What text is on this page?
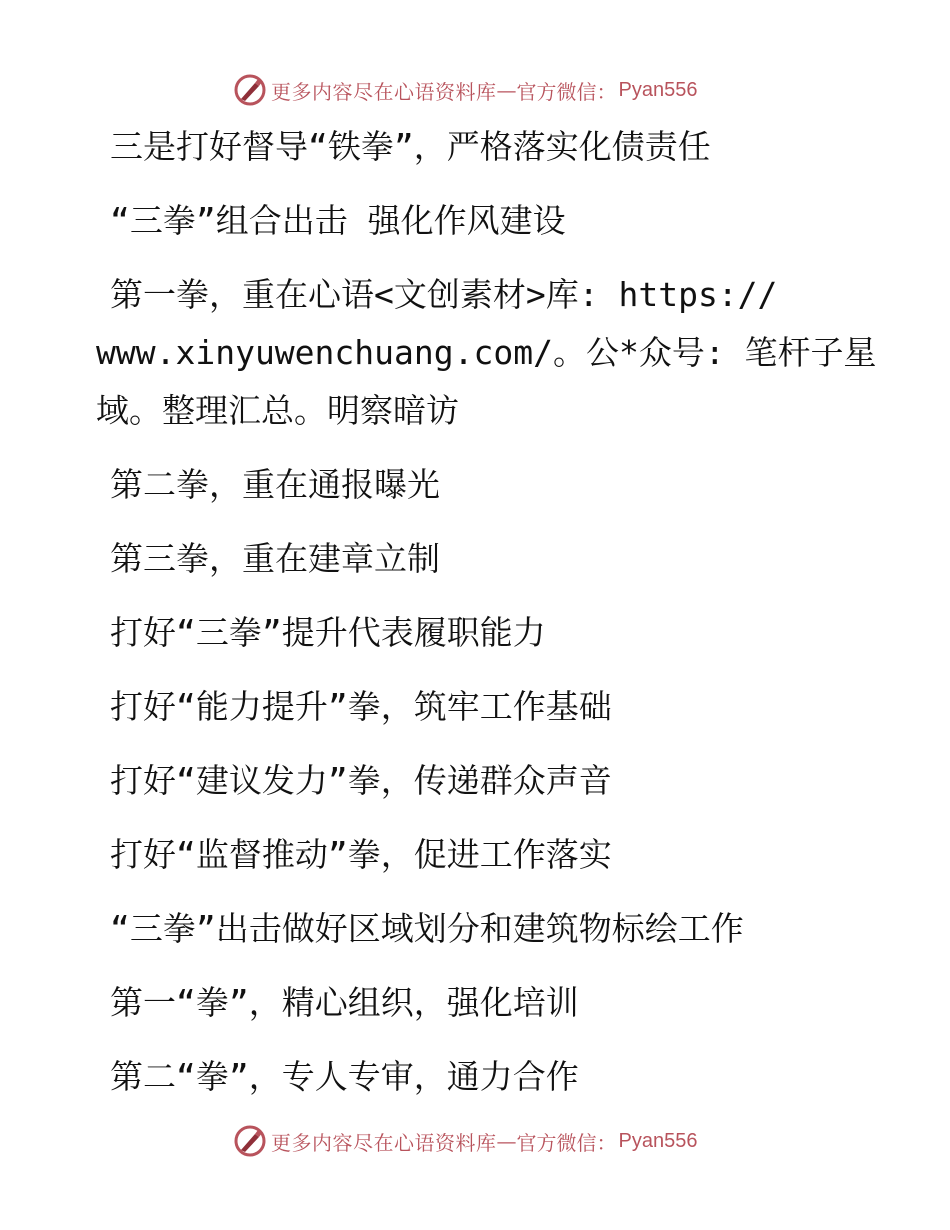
更多内容尽在心语资料库 — 官方微信： Pyan556
三是打好督导“铁拳”，严格落实化债责任
“三拳”组合出击 强化作风建设
第一拳，重在心语<文创素材>库: https://
www.xinyuwenchuang.com/。公*众号: 笔杆子星
域。整理汇总。明察暗访
第二拳，重在通报曝光
第三拳，重在建章立制
打好“三拳”提升代表履职能力
打好“能力提升”拳，筑牢工作基础
打好“建议发力”拳，传递群众声音
打好“监督推动”拳，促进工作落实
“三拳”出击做好区域划分和建筑物标绘工作
第一“拳”，精心组织，强化培训
第二“拳”，专人专审，通力合作
更多内容尽在心语资料库 — 官方微信： Pyan556
